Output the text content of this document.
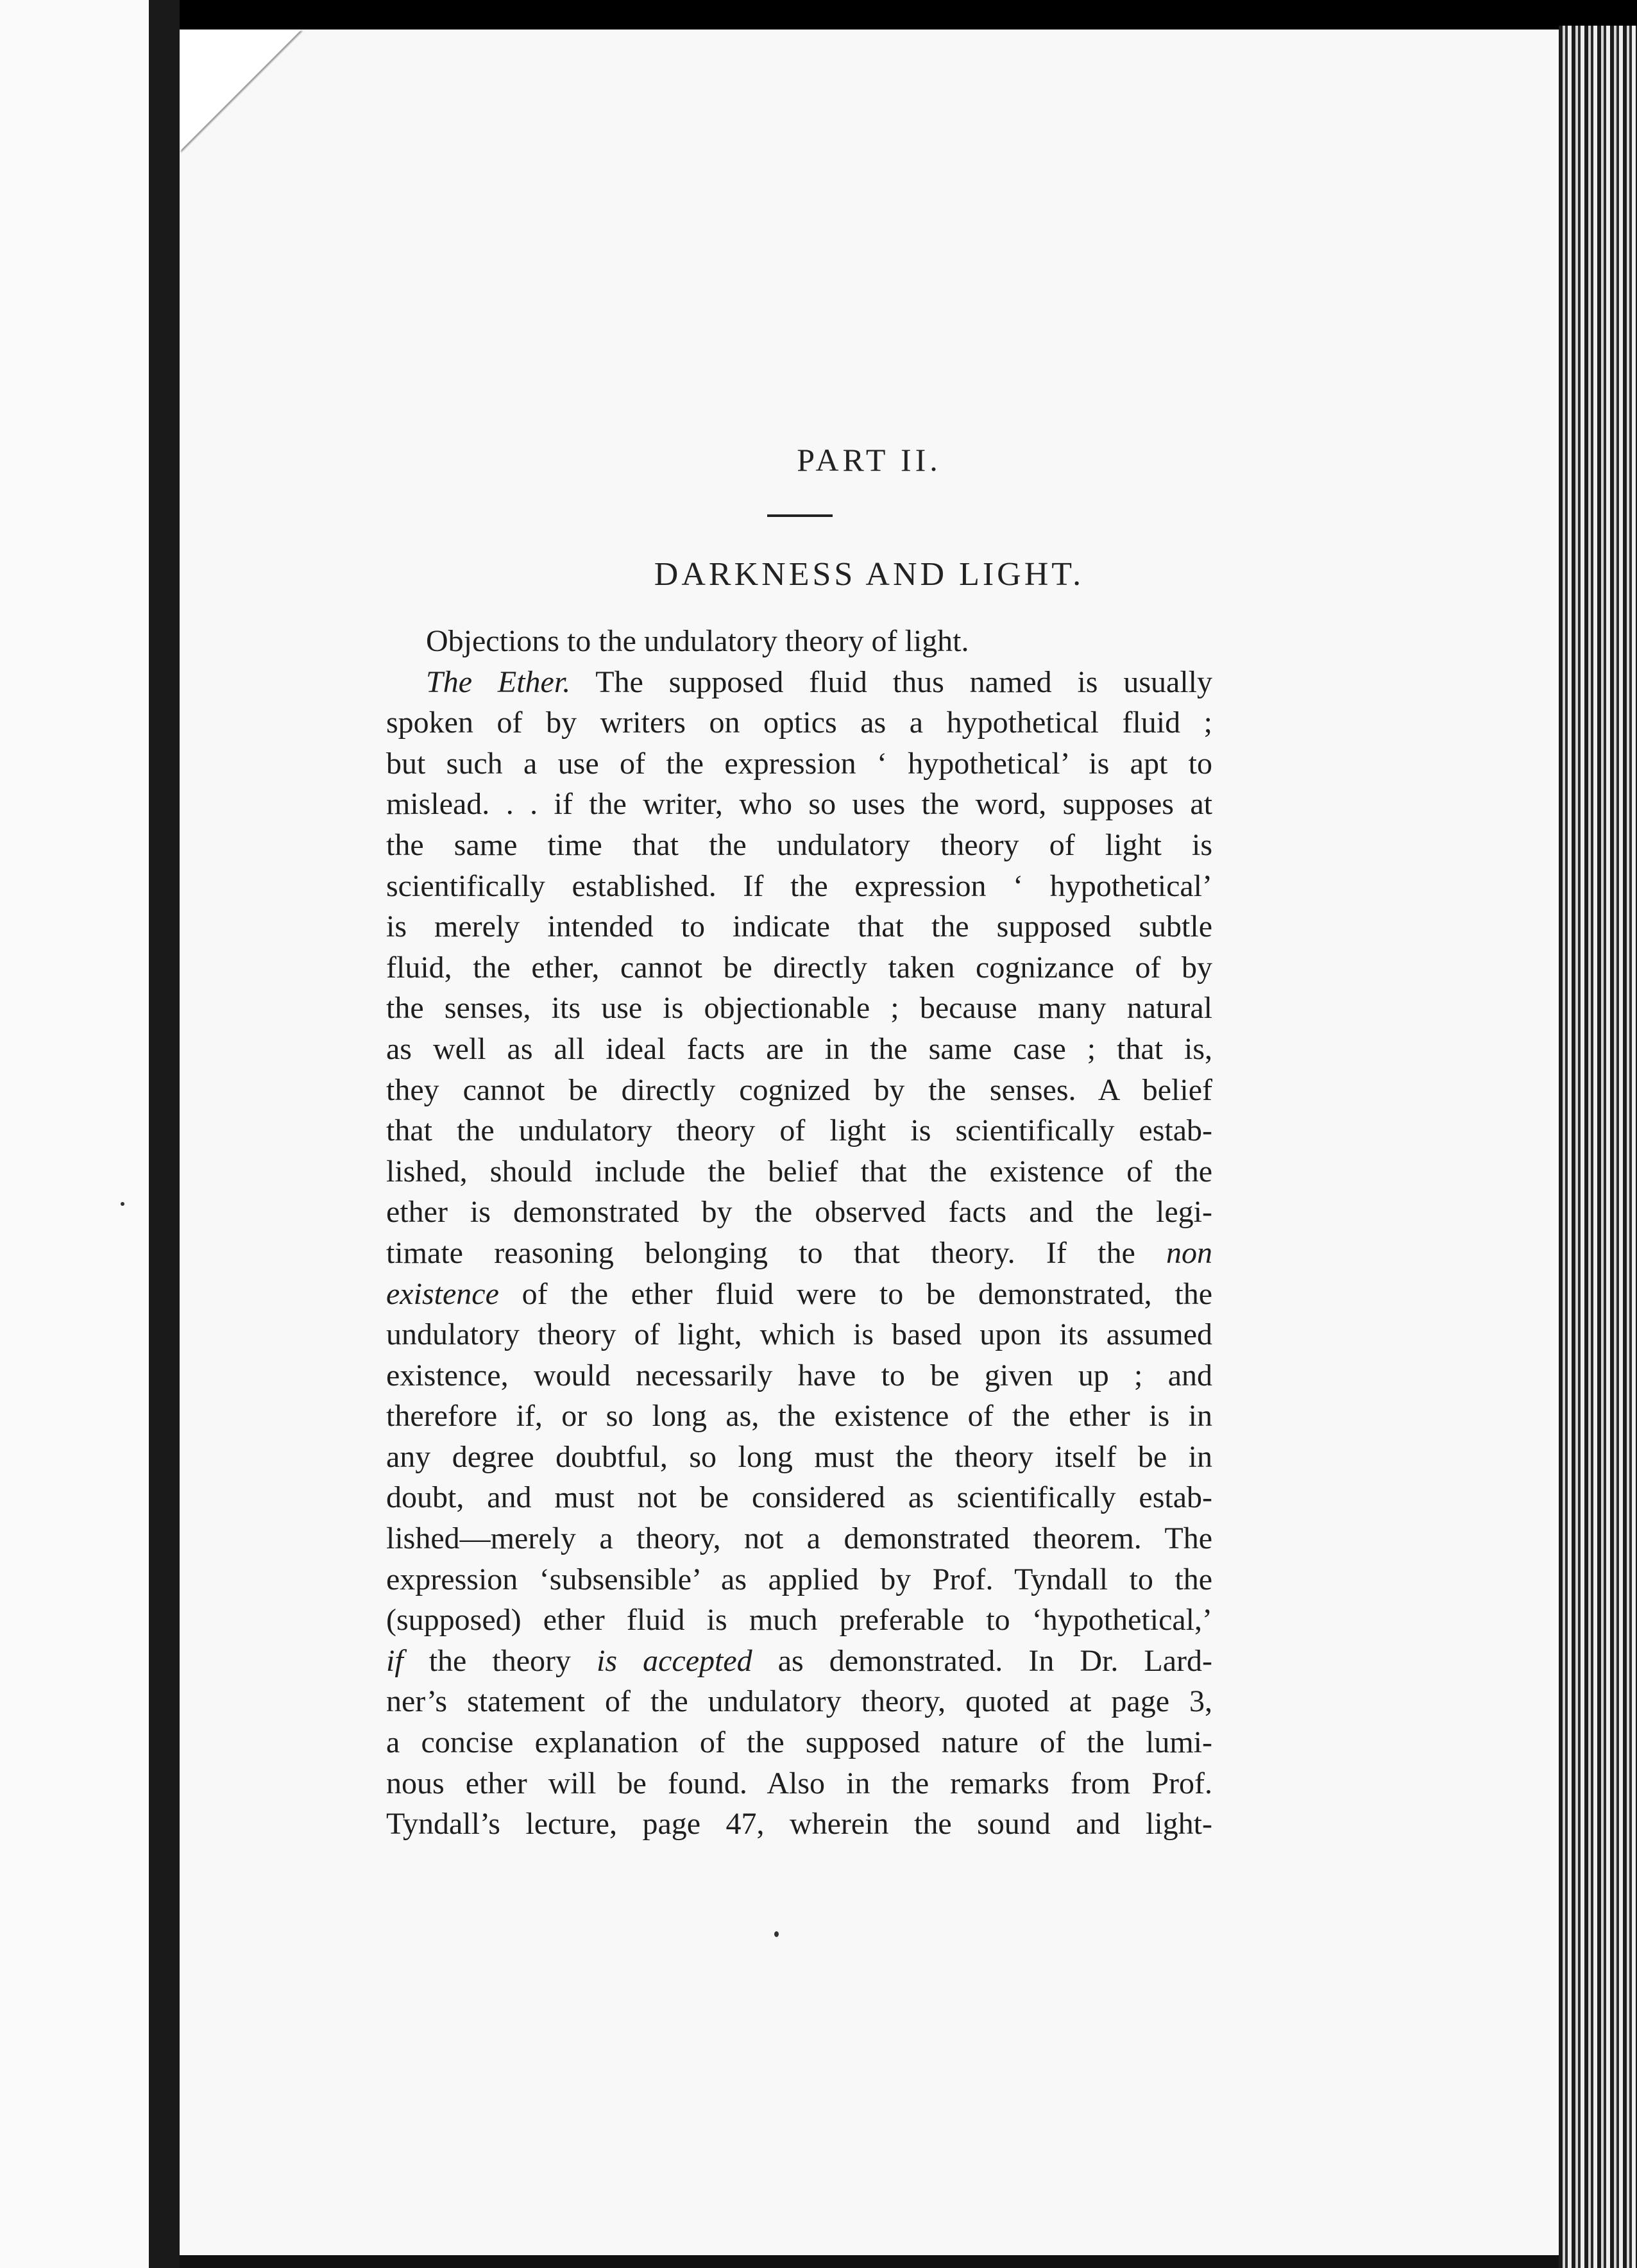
PART II.
DARKNESS AND LIGHT.
Objections to the undulatory theory of light.
The Ether. The supposed fluid thus named is usually
spoken of by writers on optics as a hypothetical fluid ;
but such a use of the expression ‘ hypothetical’ is apt to
mislead. . . if the writer, who so uses the word, supposes at
the same time that the undulatory theory of light is
scientifically established. If the expression ‘ hypothetical’
is merely intended to indicate that the supposed subtle
fluid, the ether, cannot be directly taken cognizance of by
the senses, its use is objectionable ; because many natural
as well as all ideal facts are in the same case ; that is,
they cannot be directly cognized by the senses. A belief
that the undulatory theory of light is scientifically estab-
lished, should include the belief that the existence of the
ether is demonstrated by the observed facts and the legi-
timate reasoning belonging to that theory. If the non
existence of the ether fluid were to be demonstrated, the
undulatory theory of light, which is based upon its assumed
existence, would necessarily have to be given up ; and
therefore if, or so long as, the existence of the ether is in
any degree doubtful, so long must the theory itself be in
doubt, and must not be considered as scientifically estab-
lished—merely a theory, not a demonstrated theorem. The
expression ‘subsensible’ as applied by Prof. Tyndall to the
(supposed) ether fluid is much preferable to ‘hypothetical,’
if the theory is accepted as demonstrated. In Dr. Lard-
ner’s statement of the undulatory theory, quoted at page 3,
a concise explanation of the supposed nature of the lumi-
nous ether will be found. Also in the remarks from Prof.
Tyndall’s lecture, page 47, wherein the sound and light-
